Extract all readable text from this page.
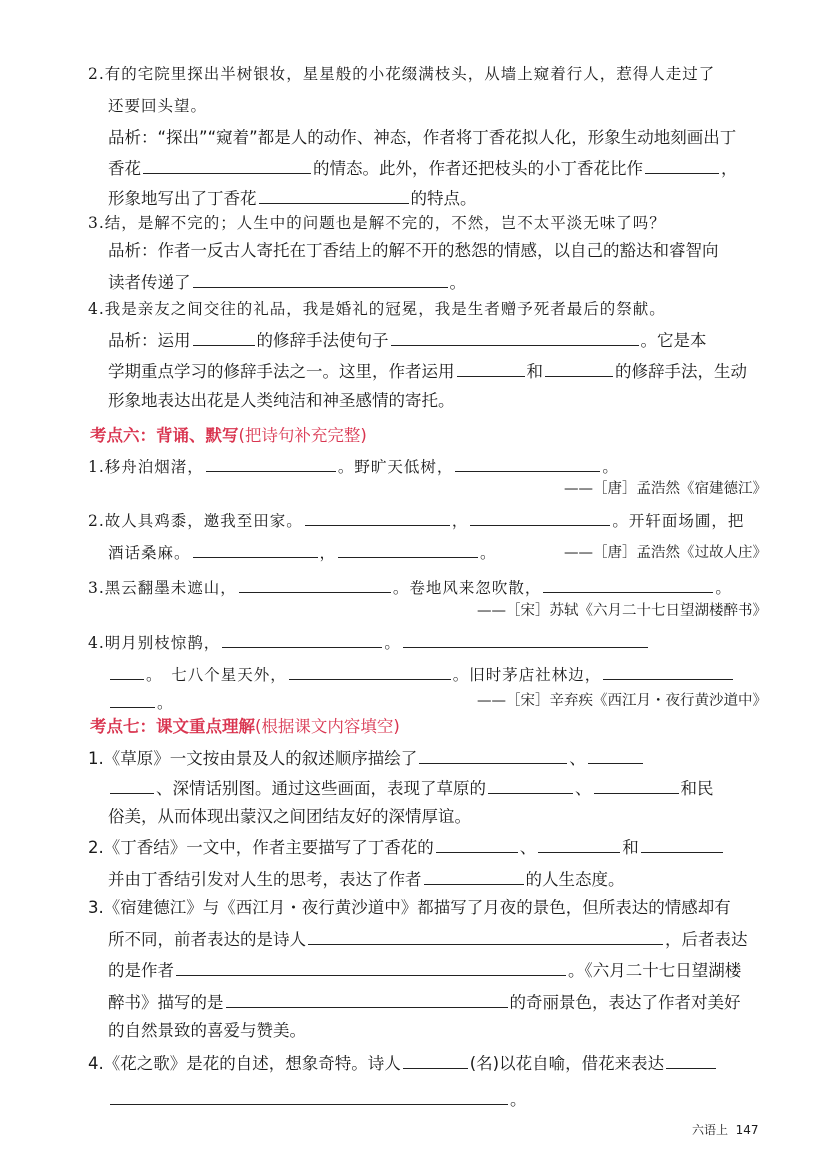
2.有的宅院里探出半树银妆，星星般的小花缀满枝头，从墙上窥着行人，惹得人走过了
还要回头望。
品析：“探出”“窥着”都是人的动作、神态，作者将丁香花拟人化，形象生动地刻画出丁
香花	的情态。此外，作者还把枝头的小丁香花比作	，
形象地写出了丁香花	的特点。
3.结，是解不完的；人生中的问题也是解不完的，不然，岂不太平淡无味了吗？
品析：作者一反古人寄托在丁香结上的解不开的愁怨的情感，以自己的豁达和睿智向
读者传递了	。
4.我是亲友之间交往的礼品，我是婚礼的冠冕，我是生者赠予死者最后的祭献。
品析：运用	的修辞手法使句子	。它是本
学期重点学习的修辞手法之一。这里，作者运用	和	的修辞手法，生动
形象地表达出花是人类纯洁和神圣感情的寄托。
考点六：背诵、默写(把诗句补充完整)
1.移舟泊烟渚，	。野旷天低树，	。
——［唐］孟浩然《宿建德江》
2.故人具鸡黍，邀我至田家。	，	。开轩面场圃，把
酒话桑麻。	，	。	——［唐］孟浩然《过故人庄》
3.黑云翻墨未遮山，	。卷地风来忽吹散，	。
——［宋］苏轼《六月二十七日望湖楼醉书》
4.明月别枝惊鹊，	。
。　七八个星天外，	。旧时茅店社林边，
。	——［宋］辛弃疾《西江月・夜行黄沙道中》
考点七：课文重点理解(根据课文内容填空)
1.《草原》一文按由景及人的叙述顺序描绘了	、
、深情话别图。通过这些画面，表现了草原的	、	和民
俗美，从而体现出蒙汉之间团结友好的深情厚谊。
2.《丁香结》一文中，作者主要描写了丁香花的	、	和
并由丁香结引发对人生的思考，表达了作者	的人生态度。
3.《宿建德江》与《西江月・夜行黄沙道中》都描写了月夜的景色，但所表达的情感却有
所不同，前者表达的是诗人	，后者表达
的是作者	。《六月二十七日望湖楼
醉书》描写的是	的奇丽景色，表达了作者对美好
的自然景致的喜爱与赞美。
4.《花之歌》是花的自述，想象奇特。诗人	(名)以花自喻，借花来表达
。
六语上 147
